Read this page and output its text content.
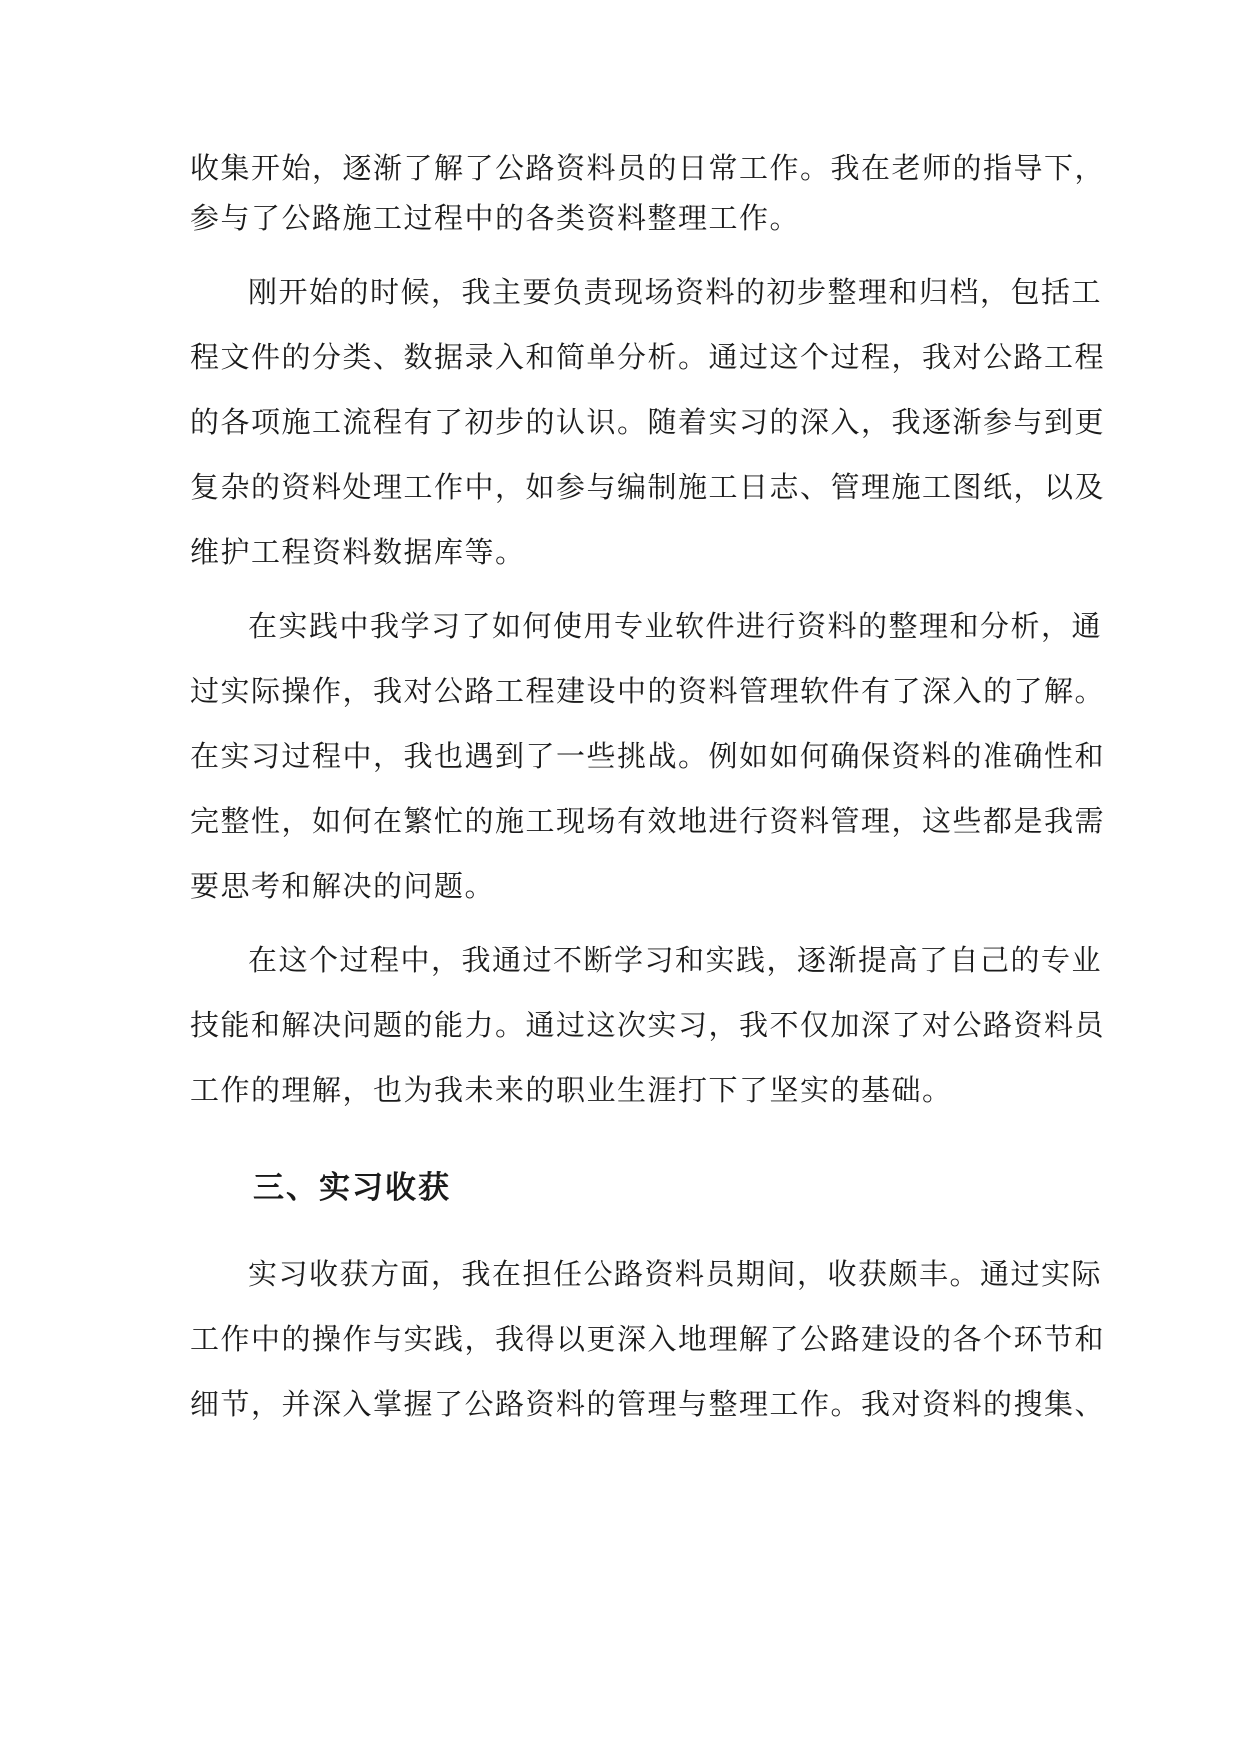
收集开始，逐渐了解了公路资料员的日常工作。我在老师的指导下，
参与了公路施工过程中的各类资料整理工作。
刚开始的时候，我主要负责现场资料的初步整理和归档，包括工
程文件的分类、数据录入和简单分析。通过这个过程，我对公路工程
的各项施工流程有了初步的认识。随着实习的深入，我逐渐参与到更
复杂的资料处理工作中，如参与编制施工日志、管理施工图纸，以及
维护工程资料数据库等。
在实践中我学习了如何使用专业软件进行资料的整理和分析，通
过实际操作，我对公路工程建设中的资料管理软件有了深入的了解。
在实习过程中，我也遇到了一些挑战。例如如何确保资料的准确性和
完整性，如何在繁忙的施工现场有效地进行资料管理，这些都是我需
要思考和解决的问题。
在这个过程中，我通过不断学习和实践，逐渐提高了自己的专业
技能和解决问题的能力。通过这次实习，我不仅加深了对公路资料员
工作的理解，也为我未来的职业生涯打下了坚实的基础。
三、实习收获
实习收获方面，我在担任公路资料员期间，收获颇丰。通过实际
工作中的操作与实践，我得以更深入地理解了公路建设的各个环节和
细节，并深入掌握了公路资料的管理与整理工作。我对资料的搜集、
